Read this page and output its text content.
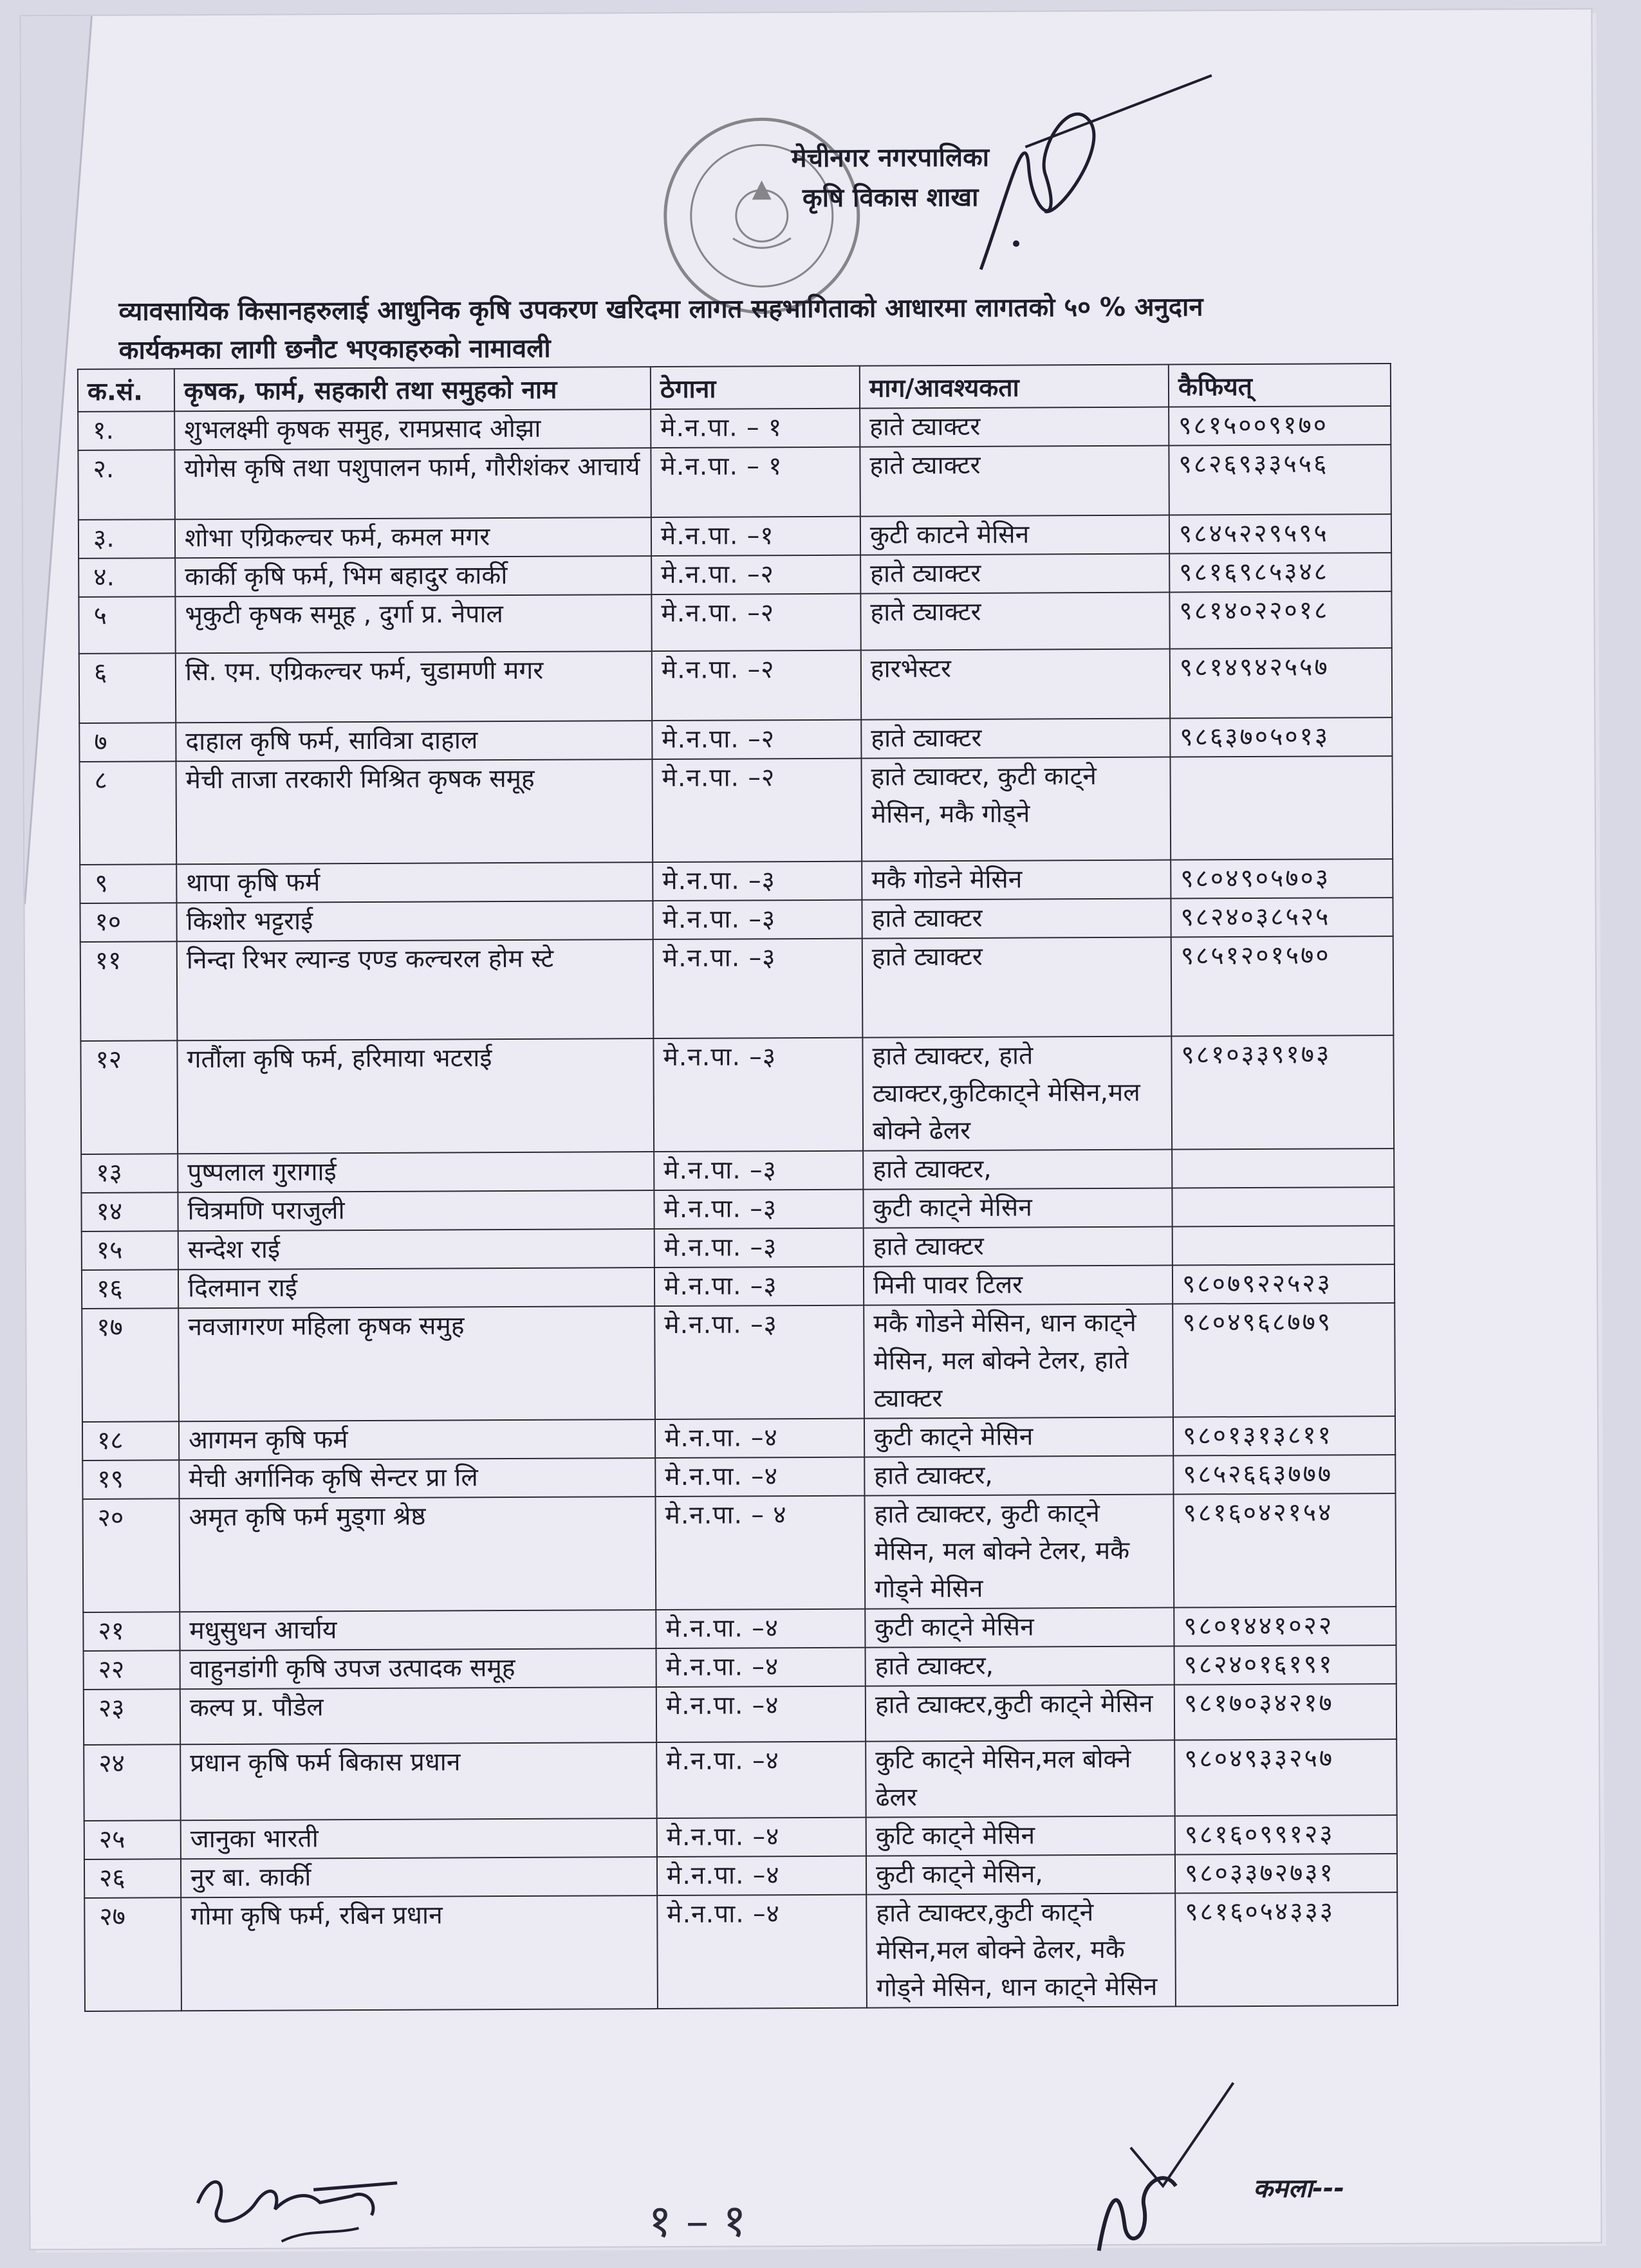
मेचीनगर नगरपालिका
कृषि विकास शाखा
व्यावसायिक किसानहरुलाई आधुनिक कृषि उपकरण खरिदमा लागत सहभागिताको आधारमा लागतको ५० % अनुदान
कार्यकमका लागी छनौट भएकाहरुको नामावली
क.सं.	कृषक, फार्म, सहकारी तथा समुहको नाम	ठेगाना	माग/आवश्यकता	कैफियत्
१.	शुभलक्ष्मी कृषक समुह, रामप्रसाद ओझा	मे.न.पा. – १	हाते ट्याक्टर	९८१५००९१७०
२.	योगेस कृषि तथा पशुपालन फार्म, गौरीशंकर आचार्य	मे.न.पा. – १	हाते ट्याक्टर	९८२६९३३५५६
३.	शोभा एग्रिकल्चर फर्म, कमल मगर	मे.न.पा. –१	कुटी काटने मेसिन	९८४५२२९५९५
४.	कार्की कृषि फर्म, भिम बहादुर कार्की	मे.न.पा. –२	हाते ट्याक्टर	९८१६९८५३४८
५	भृकुटी कृषक समूह , दुर्गा प्र. नेपाल	मे.न.पा. –२	हाते ट्याक्टर	९८१४०२२०१८
६	सि. एम. एग्रिकल्चर फर्म, चुडामणी मगर	मे.न.पा. –२	हारभेस्टर	९८१४९४२५५७
७	दाहाल कृषि फर्म, सावित्रा दाहाल	मे.न.पा. –२	हाते ट्याक्टर	९८६३७०५०१३
८	मेची ताजा तरकारी मिश्रित कृषक समूह	मे.न.पा. –२	हाते ट्याक्टर, कुटी काट्ने मेसिन, मकै गोड्ने	
९	थापा कृषि फर्म	मे.न.पा. –३	मकै गोडने मेसिन	९८०४९०५७०३
१०	किशोर भट्टराई	मे.न.पा. –३	हाते ट्याक्टर	९८२४०३८५२५
११	निन्दा रिभर ल्यान्ड एण्ड कल्चरल होम स्टे	मे.न.पा. –३	हाते ट्याक्टर	९८५१२०१५७०
१२	गतौंला कृषि फर्म, हरिमाया भटराई	मे.न.पा. –३	हाते ट्याक्टर, हाते ट्याक्टर,कुटिकाट्ने मेसिन,मल बोक्ने ढेलर	९८१०३३९१७३
१३	पुष्पलाल गुरागाई	मे.न.पा. –३	हाते ट्याक्टर,	
१४	चित्रमणि पराजुली	मे.न.पा. –३	कुटी काट्ने मेसिन	
१५	सन्देश राई	मे.न.पा. –३	हाते ट्याक्टर	
१६	दिलमान राई	मे.न.पा. –३	मिनी पावर टिलर	९८०७९२२५२३
१७	नवजागरण महिला कृषक समुह	मे.न.पा. –३	मकै गोडने मेसिन, धान काट्ने मेसिन, मल बोक्ने टेलर, हाते ट्याक्टर	९८०४९६८७७९
१८	आगमन कृषि फर्म	मे.न.पा. –४	कुटी काट्ने मेसिन	९८०१३१३८११
१९	मेची अर्गानिक कृषि सेन्टर प्रा लि	मे.न.पा. –४	हाते ट्याक्टर,	९८५२६६३७७७
२०	अमृत कृषि फर्म मुड्गा श्रेष्ठ	मे.न.पा. – ४	हाते ट्याक्टर, कुटी काट्ने मेसिन, मल बोक्ने टेलर, मकै गोड्ने मेसिन	९८१६०४२१५४
२१	मधुसुधन आर्चाय	मे.न.पा. –४	कुटी काट्ने मेसिन	९८०१४४१०२२
२२	वाहुनडांगी कृषि उपज उत्पादक समूह	मे.न.पा. –४	हाते ट्याक्टर,	९८२४०१६१९१
२३	कल्प प्र. पौडेल	मे.न.पा. –४	हाते ट्याक्टर,कुटी काट्ने मेसिन	९८१७०३४२१७
२४	प्रधान कृषि फर्म बिकास प्रधान	मे.न.पा. –४	कुटि काट्ने मेसिन,मल बोक्ने ढेलर	९८०४९३३२५७
२५	जानुका भारती	मे.न.पा. –४	कुटि काट्ने मेसिन	९८१६०९९१२३
२६	नुर बा. कार्की	मे.न.पा. –४	कुटी काट्ने मेसिन,	९८०३३७२७३१
२७	गोमा कृषि फर्म, रबिन प्रधान	मे.न.पा. –४	हाते ट्याक्टर,कुटी काट्ने मेसिन,मल बोक्ने ढेलर, मकै गोड्ने मेसिन, धान काट्ने मेसिन	९८१६०५४३३३
१ – १
कमला---
